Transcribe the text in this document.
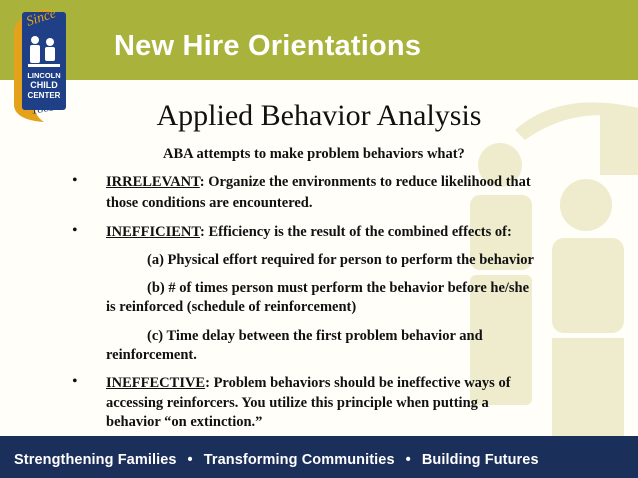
New Hire Orientations
Since
LINCOLN
CHILD
CENTER
1883	Applied Behavior Analysis
ABA attempts to make problem behaviors what?
• IRRELEVANT: Organize the environments to reduce likelihood that
those conditions are encountered.
• INEFFICIENT: Efficiency is the result of the combined effects of:
(a) Physical effort required for person to perform the behavior
(b) # of times person must perform the behavior before he/she
is reinforced (schedule of reinforcement)
(c) Time delay between the first problem behavior and
reinforcement.
• INEFFECTIVE: Problem behaviors should be ineffective ways of
accessing reinforcers. You utilize this principle when putting a
behavior “on extinction.”
Strengthening Families • Transforming Communities • Building Futures
